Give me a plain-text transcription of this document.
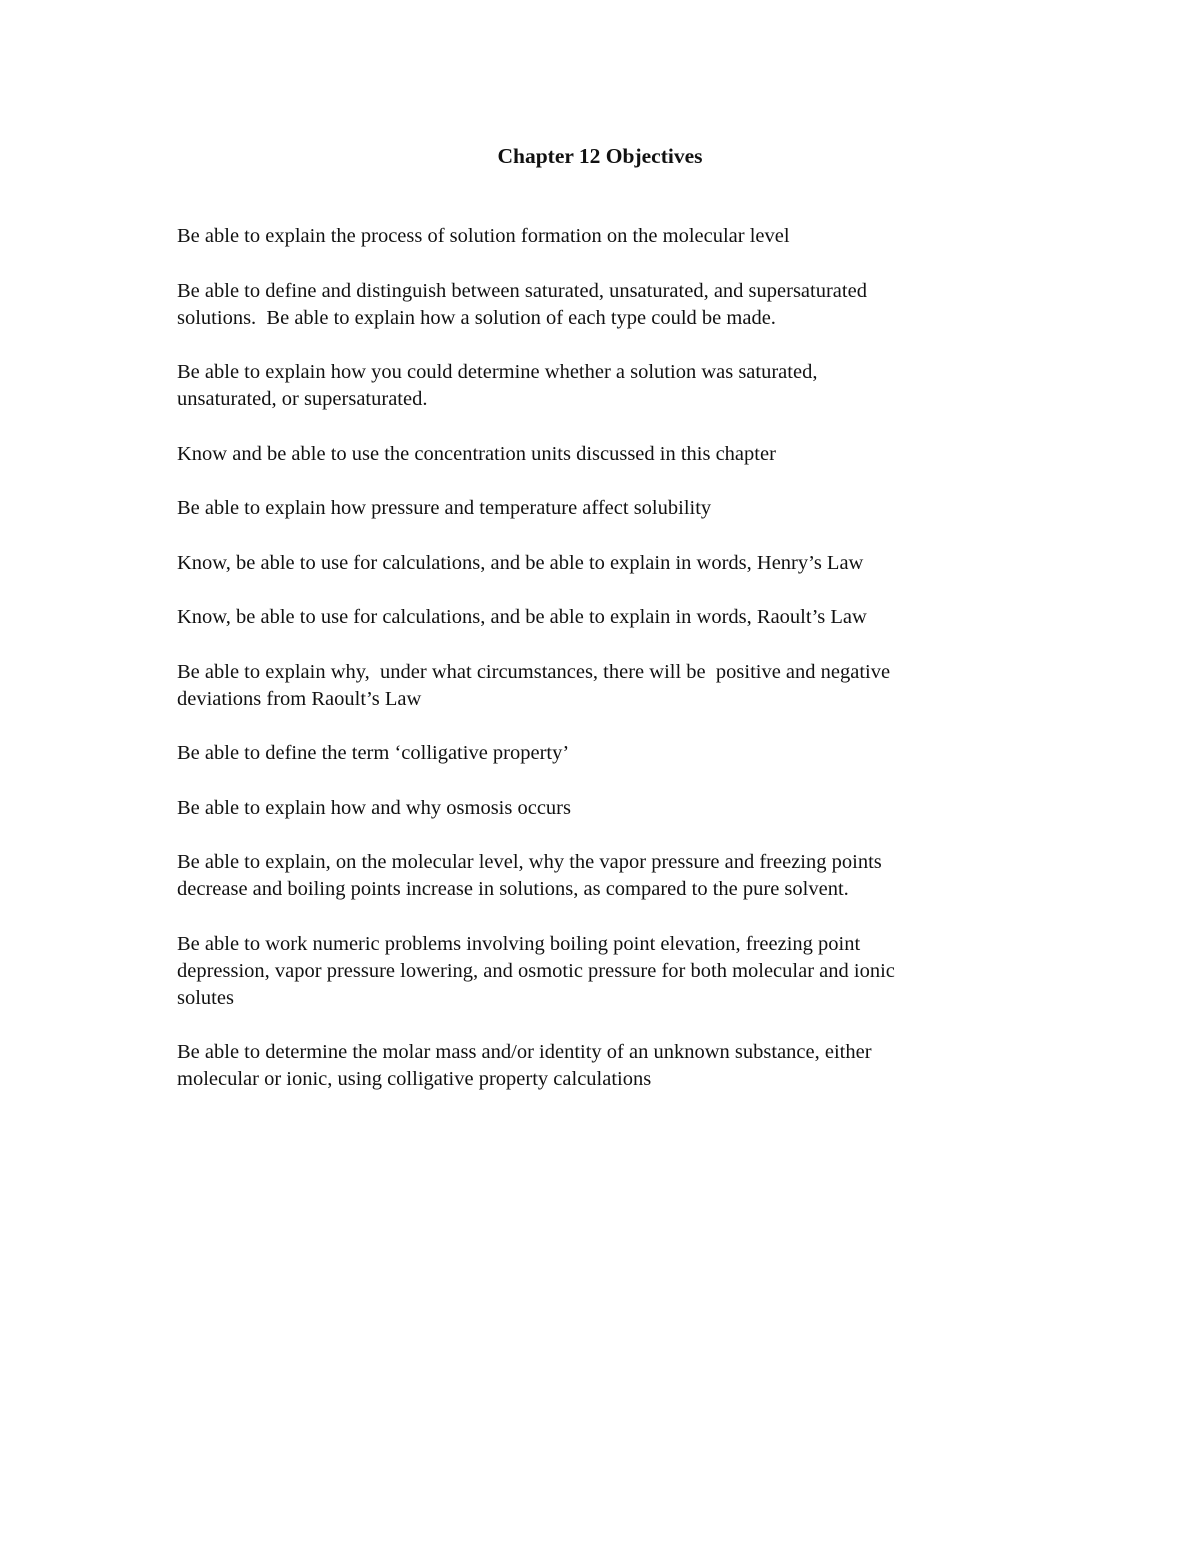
Chapter 12 Objectives
Be able to explain the process of solution formation on the molecular level
Be able to define and distinguish between saturated, unsaturated, and supersaturated
solutions.  Be able to explain how a solution of each type could be made.
Be able to explain how you could determine whether a solution was saturated,
unsaturated, or supersaturated.
Know and be able to use the concentration units discussed in this chapter
Be able to explain how pressure and temperature affect solubility
Know, be able to use for calculations, and be able to explain in words, Henry’s Law
Know, be able to use for calculations, and be able to explain in words, Raoult’s Law
Be able to explain why,  under what circumstances, there will be  positive and negative
deviations from Raoult’s Law
Be able to define the term ‘colligative property’
Be able to explain how and why osmosis occurs
Be able to explain, on the molecular level, why the vapor pressure and freezing points
decrease and boiling points increase in solutions, as compared to the pure solvent.
Be able to work numeric problems involving boiling point elevation, freezing point
depression, vapor pressure lowering, and osmotic pressure for both molecular and ionic
solutes
Be able to determine the molar mass and/or identity of an unknown substance, either
molecular or ionic, using colligative property calculations
